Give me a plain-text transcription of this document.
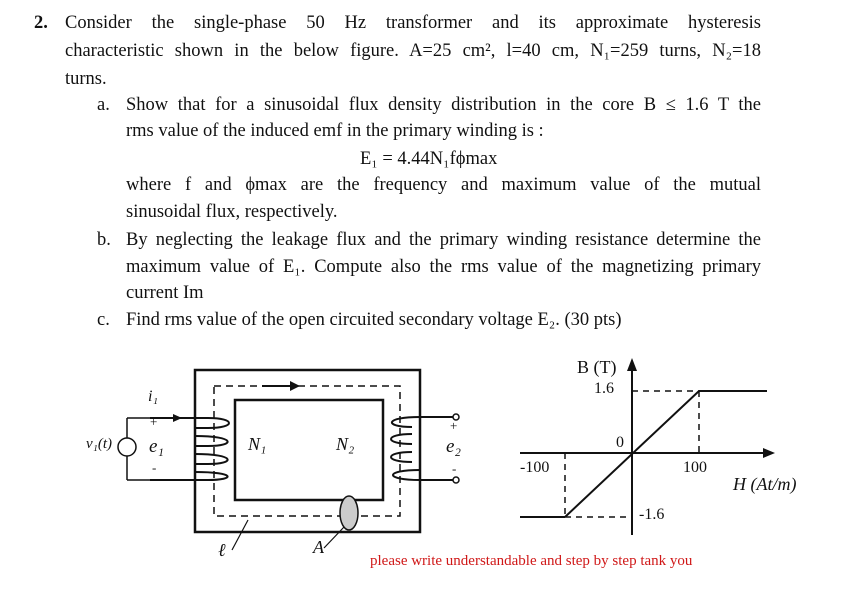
2. Consider the single-phase 50 Hz transformer and its approximate hysteresis
characteristic shown in the below figure. A=25 cm², l=40 cm, N₁=259 turns, N₂=18
turns.
a. Show that for a sinusoidal flux density distribution in the core B ≤ 1.6 T the
rms value of the induced emf in the primary winding is :
E₁ = 4.44N₁fϕmax
where f and ϕmax are the frequency and maximum value of the mutual
sinusoidal flux, respectively.
b. By neglecting the leakage flux and the primary winding resistance determine the
maximum value of E₁. Compute also the rms value of the magnetizing primary
current Im
c. Find rms value of the open circuited secondary voltage E₂. (30 pts)
i₁
v₁(t) e₁
+
-
N₁	N₂	e₂
+
-
ℓ	A
B (T)
1.6
0
-100	100
H (At/m)
-1.6
please write understandable and step by step tank you
